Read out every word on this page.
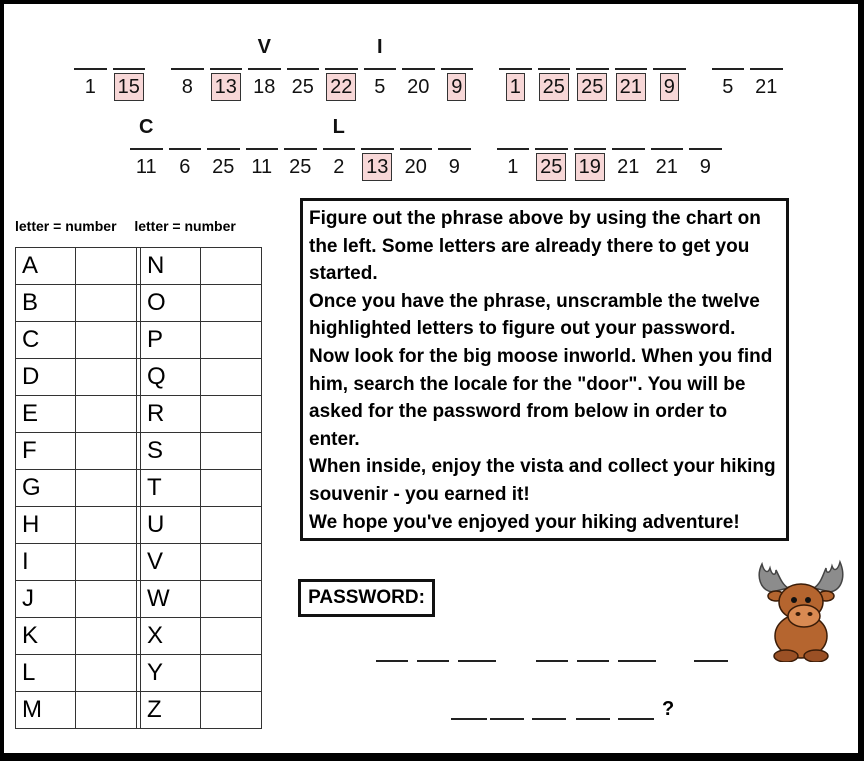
1	15	8	13
V
18 25 22
I
5	20	9	1	25 25 21	9	5	21
C
11	6	25 11 25
L
2	13 20	9	1	25 19 21 21	9
letter = number letter = number
A			N	
B			O	
C			P	
D			Q	
E			R	
F			S	
G			T	
H			U	
I			V	
J			W	
K			X	
L			Y	
M			Z	

Figure out the phrase above by using the chart on the left. Some letters are already there to get you started.

Once you have the phrase, unscramble the twelve highlighted letters to figure out your password.

Now look for the big moose inworld. When you find him, search the locale for the "door". You will be asked for the password from below in order to enter.

When inside, enjoy the vista and collect your hiking souvenir - you earned it!

We hope you've enjoyed your hiking adventure!

PASSWORD:
?
